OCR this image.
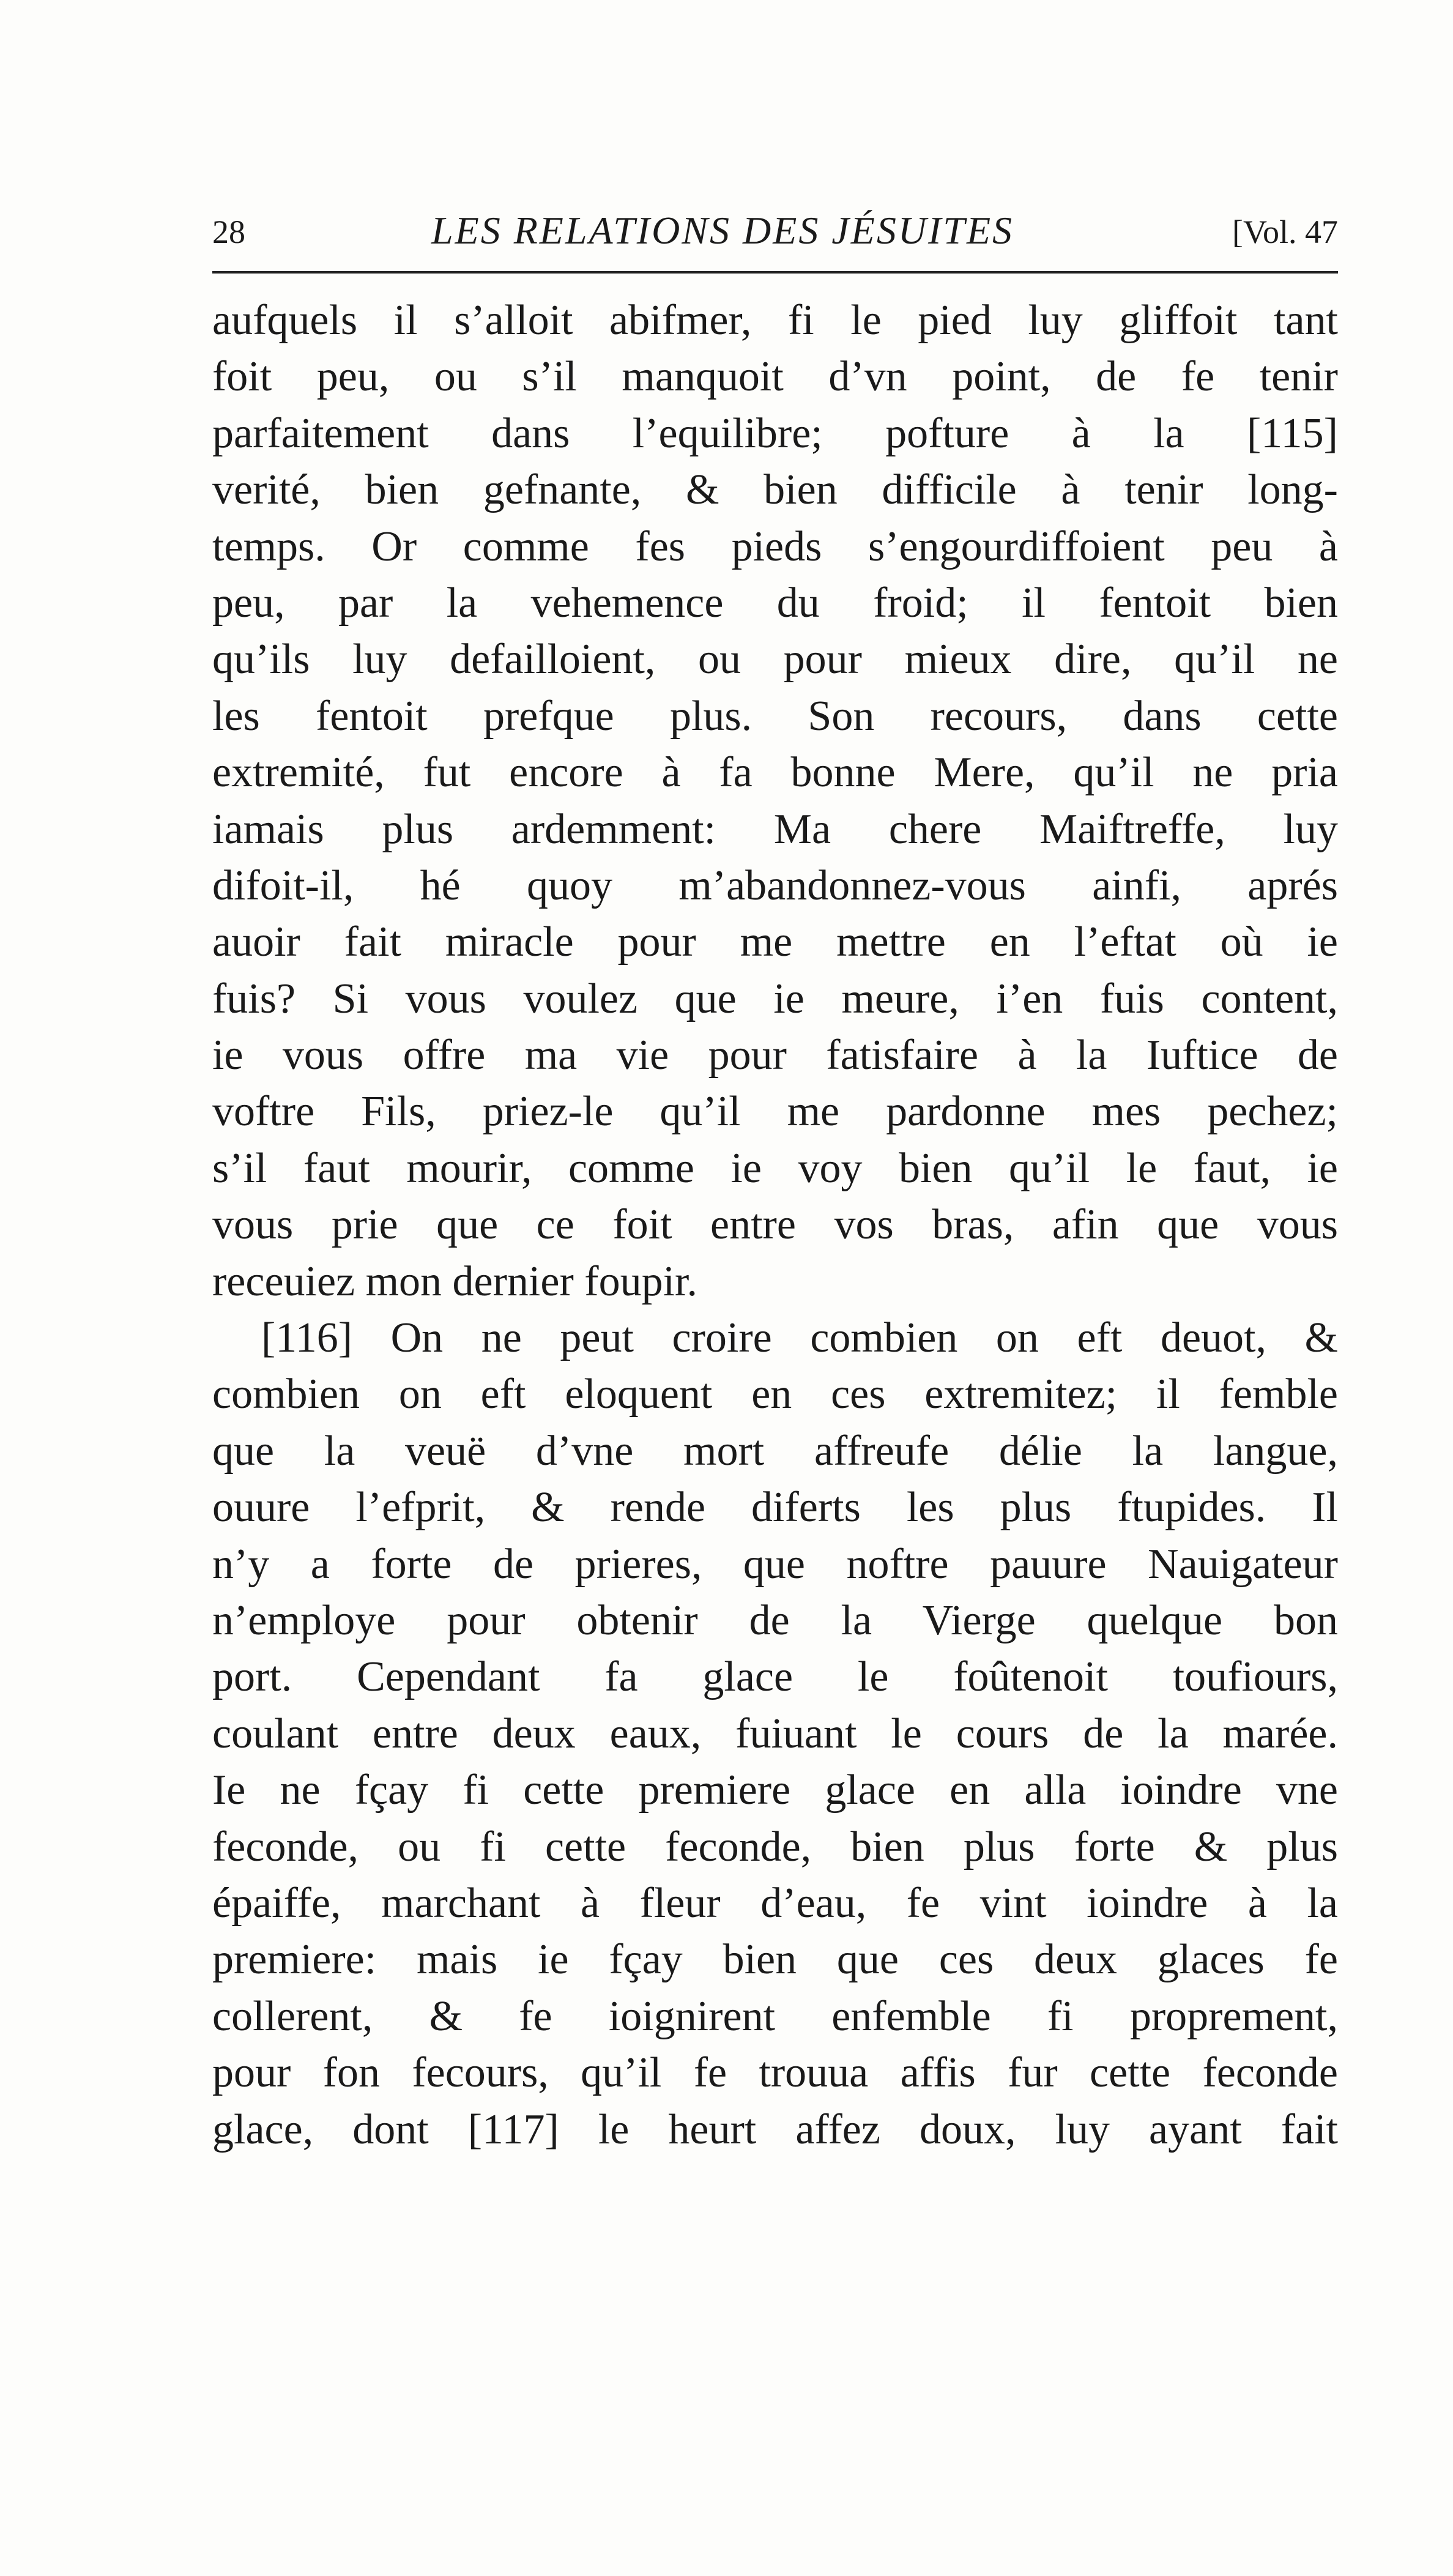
28	LES RELATIONS DES JÉSUITES	[Vol. 47
aufquels il s’alloit abifmer, fi le pied luy gliffoit tant
foit peu, ou s’il manquoit d’vn point, de fe tenir
parfaitement dans l’equilibre; pofture à la [115]
verité, bien gefnante, & bien difficile à tenir long-
temps. Or comme fes pieds s’engourdiffoient peu à
peu, par la vehemence du froid; il fentoit bien
qu’ils luy defailloient, ou pour mieux dire, qu’il ne
les fentoit prefque plus. Son recours, dans cette
extremité, fut encore à fa bonne Mere, qu’il ne pria
iamais plus ardemment: Ma chere Maiftreffe, luy
difoit-il, hé quoy m’abandonnez-vous ainfi, aprés
auoir fait miracle pour me mettre en l’eftat où ie
fuis? Si vous voulez que ie meure, i’en fuis content,
ie vous offre ma vie pour fatisfaire à la Iuftice de
voftre Fils, priez-le qu’il me pardonne mes pechez;
s’il faut mourir, comme ie voy bien qu’il le faut, ie
vous prie que ce foit entre vos bras, afin que vous
receuiez mon dernier foupir.
[116] On ne peut croire combien on eft deuot, &
combien on eft eloquent en ces extremitez; il femble
que la veuë d’vne mort affreufe délie la langue,
ouure l’efprit, & rende diferts les plus ftupides. Il
n’y a forte de prieres, que noftre pauure Nauigateur
n’employe pour obtenir de la Vierge quelque bon
port. Cependant fa glace le foûtenoit toufiours,
coulant entre deux eaux, fuiuant le cours de la marée.
Ie ne fçay fi cette premiere glace en alla ioindre vne
feconde, ou fi cette feconde, bien plus forte & plus
épaiffe, marchant à fleur d’eau, fe vint ioindre à la
premiere: mais ie fçay bien que ces deux glaces fe
collerent, & fe ioignirent enfemble fi proprement,
pour fon fecours, qu’il fe trouua affis fur cette feconde
glace, dont [117] le heurt affez doux, luy ayant fait
